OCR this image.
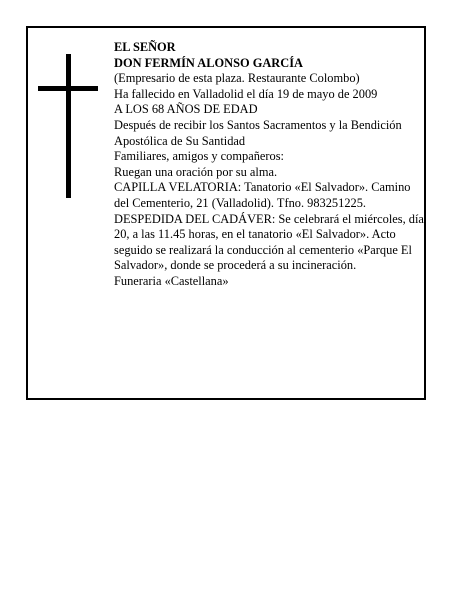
EL SEÑOR
DON FERMÍN ALONSO GARCÍA
(Empresario de esta plaza. Restaurante Colombo)
Ha fallecido en Valladolid el día 19 de mayo de 2009
A LOS 68 AÑOS DE EDAD
Después de recibir los Santos Sacramentos y la Bendición Apostólica de Su Santidad
Familiares, amigos y compañeros:
Ruegan una oración por su alma.
CAPILLA VELATORIA: Tanatorio «El Salvador». Camino del Cementerio, 21 (Valladolid). Tfno. 983251225.
DESPEDIDA DEL CADÁVER: Se celebrará el miércoles, día 20, a las 11.45 horas, en el tanatorio «El Salvador». Acto seguido se realizará la conducción al cementerio «Parque El Salvador», donde se procederá a su incineración.
Funeraria «Castellana»
